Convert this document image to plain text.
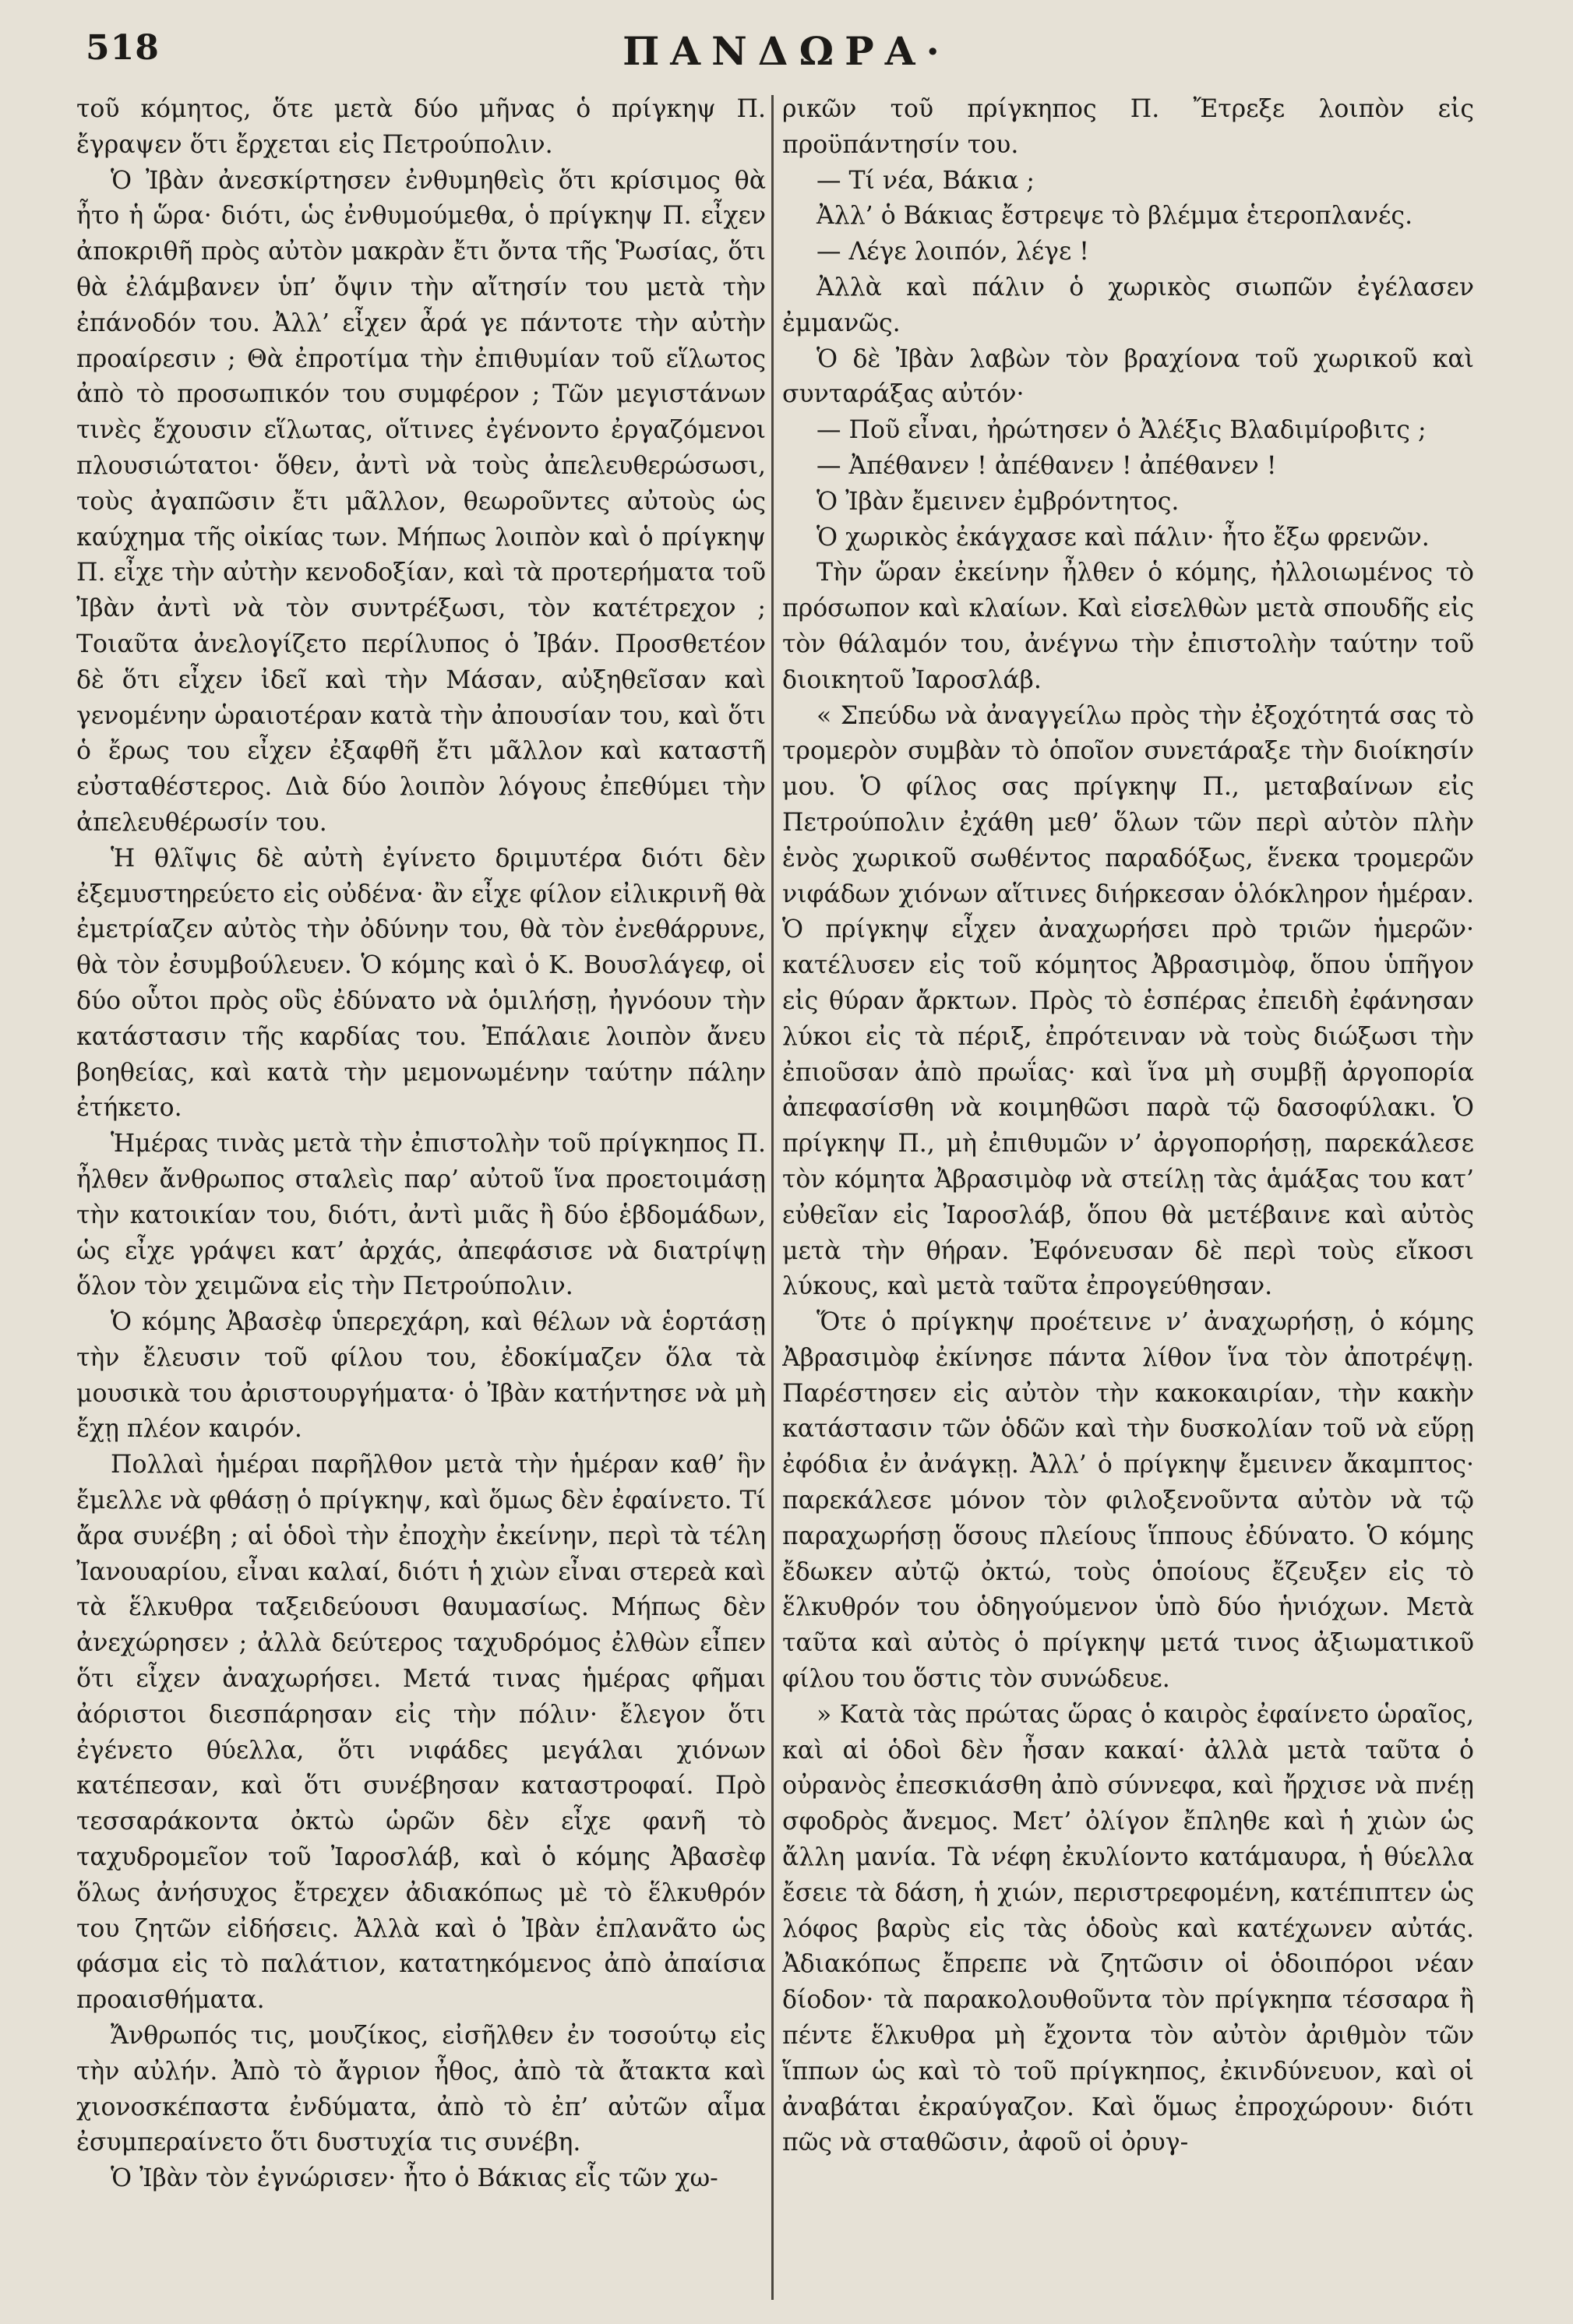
518	ΠΑΝΔΩΡΑ·

τοῦ κόμητος, ὅτε μετὰ δύο μῆνας ὁ πρίγκηψ Π. ἔγραψεν ὅτι ἔρχεται εἰς Πετρούπολιν.

Ὁ Ἰβὰν ἀνεσκίρτησεν ἐνθυμηθεὶς ὅτι κρίσιμος θὰ ἦτο ἡ ὥρα· διότι, ὡς ἐνθυμούμεθα, ὁ πρίγκηψ Π. εἶχεν ἀποκριθῆ πρὸς αὐτὸν μακρὰν ἔτι ὄντα τῆς Ῥωσίας, ὅτι θὰ ἐλάμβανεν ὑπ’ ὄψιν τὴν αἴτησίν του μετὰ τὴν ἐπάνοδόν του. Ἀλλ’ εἶχεν ἆρά γε πάντοτε τὴν αὐτὴν προαίρεσιν ; Θὰ ἐπροτίμα τὴν ἐπιθυμίαν τοῦ εἵλωτος ἀπὸ τὸ προσωπικόν του συμφέρον ; Τῶν μεγιστάνων τινὲς ἔχουσιν εἵλωτας, οἵτινες ἐγένοντο ἐργαζόμενοι πλουσιώτατοι· ὅθεν, ἀντὶ νὰ τοὺς ἀπελευθερώσωσι, τοὺς ἀγαπῶσιν ἔτι μᾶλλον, θεωροῦντες αὐτοὺς ὡς καύχημα τῆς οἰκίας των. Μήπως λοιπὸν καὶ ὁ πρίγκηψ Π. εἶχε τὴν αὐτὴν κενοδοξίαν, καὶ τὰ προτερήματα τοῦ Ἰβὰν ἀντὶ νὰ τὸν συντρέξωσι, τὸν κατέτρεχον ; Τοιαῦτα ἀνελογίζετο περίλυπος ὁ Ἰβάν. Προσθετέον δὲ ὅτι εἶχεν ἰδεῖ καὶ τὴν Μάσαν, αὐξηθεῖσαν καὶ γενομένην ὡραιοτέραν κατὰ τὴν ἀπουσίαν του, καὶ ὅτι ὁ ἔρως του εἶχεν ἐξαφθῆ ἔτι μᾶλλον καὶ καταστῆ εὐσταθέστερος. Διὰ δύο λοιπὸν λόγους ἐπεθύμει τὴν ἀπελευθέρωσίν του.

Ἡ θλῖψις δὲ αὐτὴ ἐγίνετο δριμυτέρα διότι δὲν ἐξεμυστηρεύετο εἰς οὐδένα· ἂν εἶχε φίλον εἰλικρινῆ θὰ ἐμετρίαζεν αὐτὸς τὴν ὀδύνην του, θὰ τὸν ἐνεθάρρυνε, θὰ τὸν ἐσυμβούλευεν. Ὁ κόμης καὶ ὁ Κ. Βουσλάγεφ, οἱ δύο οὗτοι πρὸς οὓς ἐδύνατο νὰ ὁμιλήσῃ, ἠγνόουν τὴν κατάστασιν τῆς καρδίας του. Ἐπάλαιε λοιπὸν ἄνευ βοηθείας, καὶ κατὰ τὴν μεμονωμένην ταύτην πάλην ἐτήκετο.

Ἡμέρας τινὰς μετὰ τὴν ἐπιστολὴν τοῦ πρίγκηπος Π. ἦλθεν ἄνθρωπος σταλεὶς παρ’ αὐτοῦ ἵνα προετοιμάσῃ τὴν κατοικίαν του, διότι, ἀντὶ μιᾶς ἢ δύο ἑβδομάδων, ὡς εἶχε γράψει κατ’ ἀρχάς, ἀπεφάσισε νὰ διατρίψῃ ὅλον τὸν χειμῶνα εἰς τὴν Πετρούπολιν.

Ὁ κόμης Ἀβασὲφ ὑπερεχάρη, καὶ θέλων νὰ ἑορτάσῃ τὴν ἔλευσιν τοῦ φίλου του, ἐδοκίμαζεν ὅλα τὰ μουσικὰ του ἀριστουργήματα· ὁ Ἰβὰν κατήντησε νὰ μὴ ἔχῃ πλέον καιρόν.

Πολλαὶ ἡμέραι παρῆλθον μετὰ τὴν ἡμέραν καθ’ ἣν ἔμελλε νὰ φθάσῃ ὁ πρίγκηψ, καὶ ὅμως δὲν ἐφαίνετο. Τί ἄρα συνέβη ; αἱ ὁδοὶ τὴν ἐποχὴν ἐκείνην, περὶ τὰ τέλη Ἰανουαρίου, εἶναι καλαί, διότι ἡ χιὼν εἶναι στερεὰ καὶ τὰ ἕλκυθρα ταξειδεύουσι θαυμασίως. Μήπως δὲν ἀνεχώρησεν ; ἀλλὰ δεύτερος ταχυδρόμος ἐλθὼν εἶπεν ὅτι εἶχεν ἀναχωρήσει. Μετά τινας ἡμέρας φῆμαι ἀόριστοι διεσπάρησαν εἰς τὴν πόλιν· ἔλεγον ὅτι ἐγένετο θύελλα, ὅτι νιφάδες μεγάλαι χιόνων κατέπεσαν, καὶ ὅτι συνέβησαν καταστροφαί. Πρὸ τεσσαράκοντα ὀκτὼ ὡρῶν δὲν εἶχε φανῆ τὸ ταχυδρομεῖον τοῦ Ἰαροσλάβ, καὶ ὁ κόμης Ἀβασὲφ ὅλως ἀνήσυχος ἔτρεχεν ἀδιακόπως μὲ τὸ ἕλκυθρόν του ζητῶν εἰδήσεις. Ἀλλὰ καὶ ὁ Ἰβὰν ἐπλανᾶτο ὡς φάσμα εἰς τὸ παλάτιον, κατατηκόμενος ἀπὸ ἀπαίσια προαισθήματα.

Ἄνθρωπός τις, μουζίκος, εἰσῆλθεν ἐν τοσούτῳ εἰς τὴν αὐλήν. Ἀπὸ τὸ ἄγριον ἦθος, ἀπὸ τὰ ἄτακτα καὶ χιονοσκέπαστα ἐνδύματα, ἀπὸ τὸ ἐπ’ αὐτῶν αἷμα ἐσυμπεραίνετο ὅτι δυστυχία τις συνέβη.

Ὁ Ἰβὰν τὸν ἐγνώρισεν· ἦτο ὁ Βάκιας εἷς τῶν χω-

ρικῶν τοῦ πρίγκηπος Π. Ἔτρεξε λοιπὸν εἰς προϋπάντησίν του.

— Τί νέα, Βάκια ;

Ἀλλ’ ὁ Βάκιας ἔστρεψε τὸ βλέμμα ἑτεροπλανές.

— Λέγε λοιπόν, λέγε !

Ἀλλὰ καὶ πάλιν ὁ χωρικὸς σιωπῶν ἐγέλασεν ἐμμανῶς.

Ὁ δὲ Ἰβὰν λαβὼν τὸν βραχίονα τοῦ χωρικοῦ καὶ συνταράξας αὐτόν·

— Ποῦ εἶναι, ἠρώτησεν ὁ Ἀλέξις Βλαδιμίροβιτς ;

— Ἀπέθανεν ! ἀπέθανεν ! ἀπέθανεν !

Ὁ Ἰβὰν ἔμεινεν ἐμβρόντητος.

Ὁ χωρικὸς ἐκάγχασε καὶ πάλιν· ἦτο ἔξω φρενῶν.

Τὴν ὥραν ἐκείνην ἦλθεν ὁ κόμης, ἠλλοιωμένος τὸ πρόσωπον καὶ κλαίων. Καὶ εἰσελθὼν μετὰ σπουδῆς εἰς τὸν θάλαμόν του, ἀνέγνω τὴν ἐπιστολὴν ταύτην τοῦ διοικητοῦ Ἰαροσλάβ.

« Σπεύδω νὰ ἀναγγείλω πρὸς τὴν ἐξοχότητά σας τὸ τρομερὸν συμβὰν τὸ ὁποῖον συνετάραξε τὴν διοίκησίν μου. Ὁ φίλος σας πρίγκηψ Π., μεταβαίνων εἰς Πετρούπολιν ἐχάθη μεθ’ ὅλων τῶν περὶ αὐτὸν πλὴν ἑνὸς χωρικοῦ σωθέντος παραδόξως, ἕνεκα τρομερῶν νιφάδων χιόνων αἵτινες διήρκεσαν ὁλόκληρον ἡμέραν. Ὁ πρίγκηψ εἶχεν ἀναχωρήσει πρὸ τριῶν ἡμερῶν· κατέλυσεν εἰς τοῦ κόμητος Ἀβρασιμὸφ, ὅπου ὑπῆγον εἰς θύραν ἄρκτων. Πρὸς τὸ ἑσπέρας ἐπειδὴ ἐφάνησαν λύκοι εἰς τὰ πέριξ, ἐπρότειναν νὰ τοὺς διώξωσι τὴν ἐπιοῦσαν ἀπὸ πρωΐας· καὶ ἵνα μὴ συμβῇ ἀργοπορία ἀπεφασίσθη νὰ κοιμηθῶσι παρὰ τῷ δασοφύλακι. Ὁ πρίγκηψ Π., μὴ ἐπιθυμῶν ν’ ἀργοπορήσῃ, παρεκάλεσε τὸν κόμητα Ἀβρασιμὸφ νὰ στείλῃ τὰς ἁμάξας του κατ’ εὐθεῖαν εἰς Ἰαροσλάβ, ὅπου θὰ μετέβαινε καὶ αὐτὸς μετὰ τὴν θήραν. Ἐφόνευσαν δὲ περὶ τοὺς εἴκοσι λύκους, καὶ μετὰ ταῦτα ἐπρογεύθησαν.

Ὅτε ὁ πρίγκηψ προέτεινε ν’ ἀναχωρήσῃ, ὁ κόμης Ἀβρασιμὸφ ἐκίνησε πάντα λίθον ἵνα τὸν ἀποτρέψῃ. Παρέστησεν εἰς αὐτὸν τὴν κακοκαιρίαν, τὴν κακὴν κατάστασιν τῶν ὁδῶν καὶ τὴν δυσκολίαν τοῦ νὰ εὕρῃ ἐφόδια ἐν ἀνάγκῃ. Ἀλλ’ ὁ πρίγκηψ ἔμεινεν ἄκαμπτος· παρεκάλεσε μόνον τὸν φιλοξενοῦντα αὐτὸν νὰ τῷ παραχωρήσῃ ὅσους πλείους ἵππους ἐδύνατο. Ὁ κόμης ἔδωκεν αὐτῷ ὀκτώ, τοὺς ὁποίους ἔζευξεν εἰς τὸ ἕλκυθρόν του ὁδηγούμενον ὑπὸ δύο ἡνιόχων. Μετὰ ταῦτα καὶ αὐτὸς ὁ πρίγκηψ μετά τινος ἀξιωματικοῦ φίλου του ὅστις τὸν συνώδευε.

» Κατὰ τὰς πρώτας ὥρας ὁ καιρὸς ἐφαίνετο ὡραῖος, καὶ αἱ ὁδοὶ δὲν ἦσαν κακαί· ἀλλὰ μετὰ ταῦτα ὁ οὐρανὸς ἐπεσκιάσθη ἀπὸ σύννεφα, καὶ ἤρχισε νὰ πνέῃ σφοδρὸς ἄνεμος. Μετ’ ὀλίγον ἔπληθε καὶ ἡ χιὼν ὡς ἄλλη μανία. Τὰ νέφη ἐκυλίοντο κατάμαυρα, ἡ θύελλα ἔσειε τὰ δάση, ἡ χιών, περιστρεφομένη, κατέπιπτεν ὡς λόφος βαρὺς εἰς τὰς ὁδοὺς καὶ κατέχωνεν αὐτάς. Ἀδιακόπως ἔπρεπε νὰ ζητῶσιν οἱ ὁδοιπόροι νέαν δίοδον· τὰ παρακολουθοῦντα τὸν πρίγκηπα τέσσαρα ἢ πέντε ἕλκυθρα μὴ ἔχοντα τὸν αὐτὸν ἀριθμὸν τῶν ἵππων ὡς καὶ τὸ τοῦ πρίγκηπος, ἐκινδύνευον, καὶ οἱ ἀναβάται ἐκραύγαζον. Καὶ ὅμως ἐπροχώρουν· διότι πῶς νὰ σταθῶσιν, ἀφοῦ οἱ ὀρυγ-
